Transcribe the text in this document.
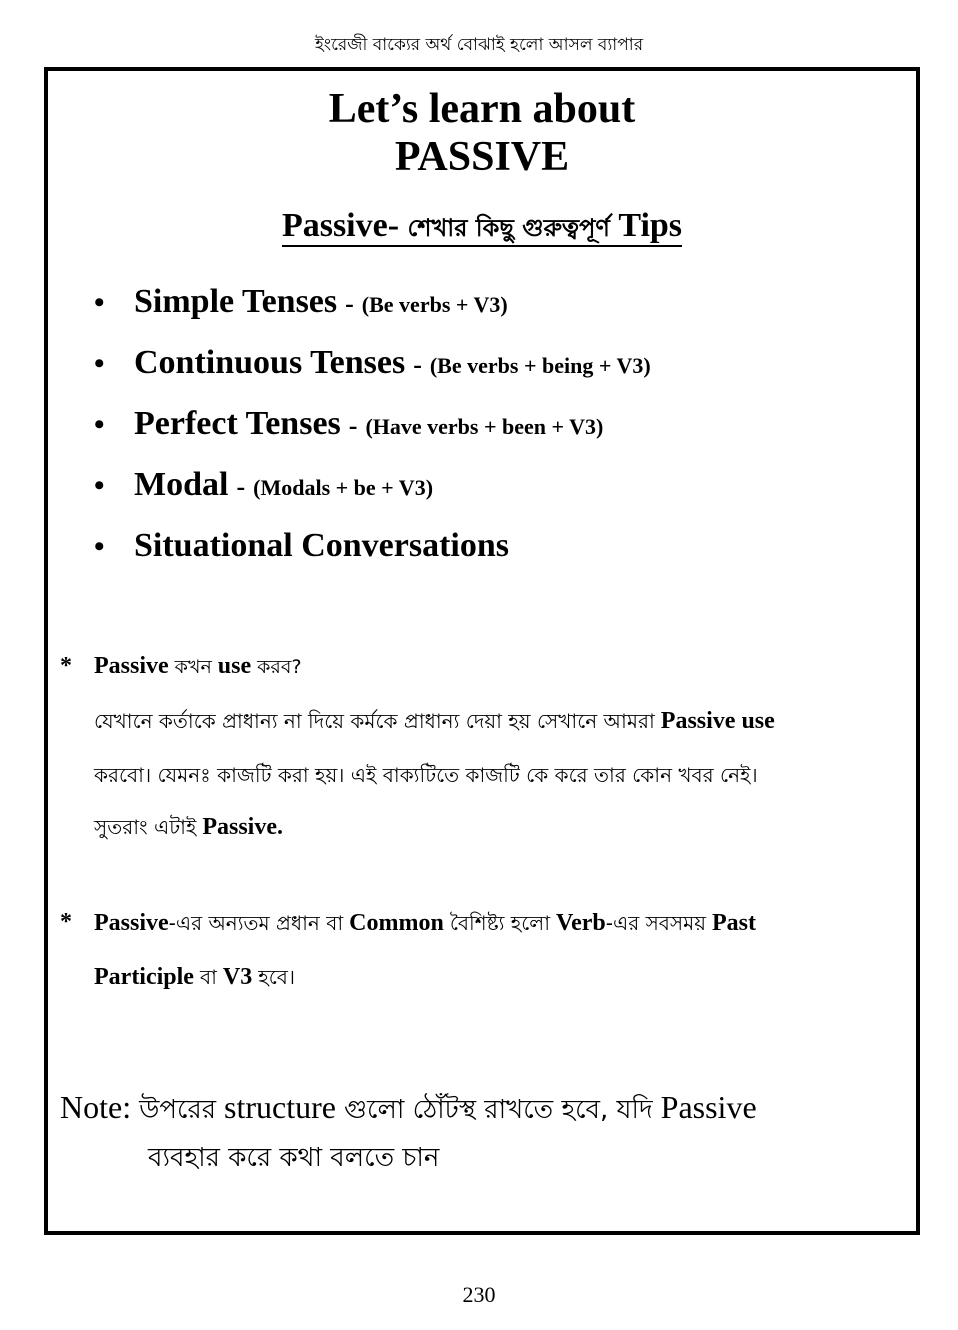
ইংরেজী বাক্যের অর্থ বোঝাই হলো আসল ব্যাপার
Let’s learn about
PASSIVE
Passive- শেখার কিছু গুরুত্বপূর্ণ Tips
• Simple Tenses - (Be verbs + V3)
• Continuous Tenses - (Be verbs + being + V3)
• Perfect Tenses - (Have verbs + been + V3)
• Modal - (Modals + be + V3)
• Situational Conversations
* Passive কখন use করব?
যেখানে কর্তাকে প্রাধান্য না দিয়ে কর্মকে প্রাধান্য দেয়া হয় সেখানে আমরা Passive use
করবো। যেমনঃ কাজটি করা হয়। এই বাক্যটিতে কাজটি কে করে তার কোন খবর নেই।
সুতরাং এটাই Passive.
* Passive-এর অন্যতম প্রধান বা Common বৈশিষ্ট্য হলো Verb-এর সবসময় Past
Participle বা V3 হবে।
Note: উপরের structure গুলো ঠোঁটস্থ রাখতে হবে, যদি Passive
ব্যবহার করে কথা বলতে চান
230
